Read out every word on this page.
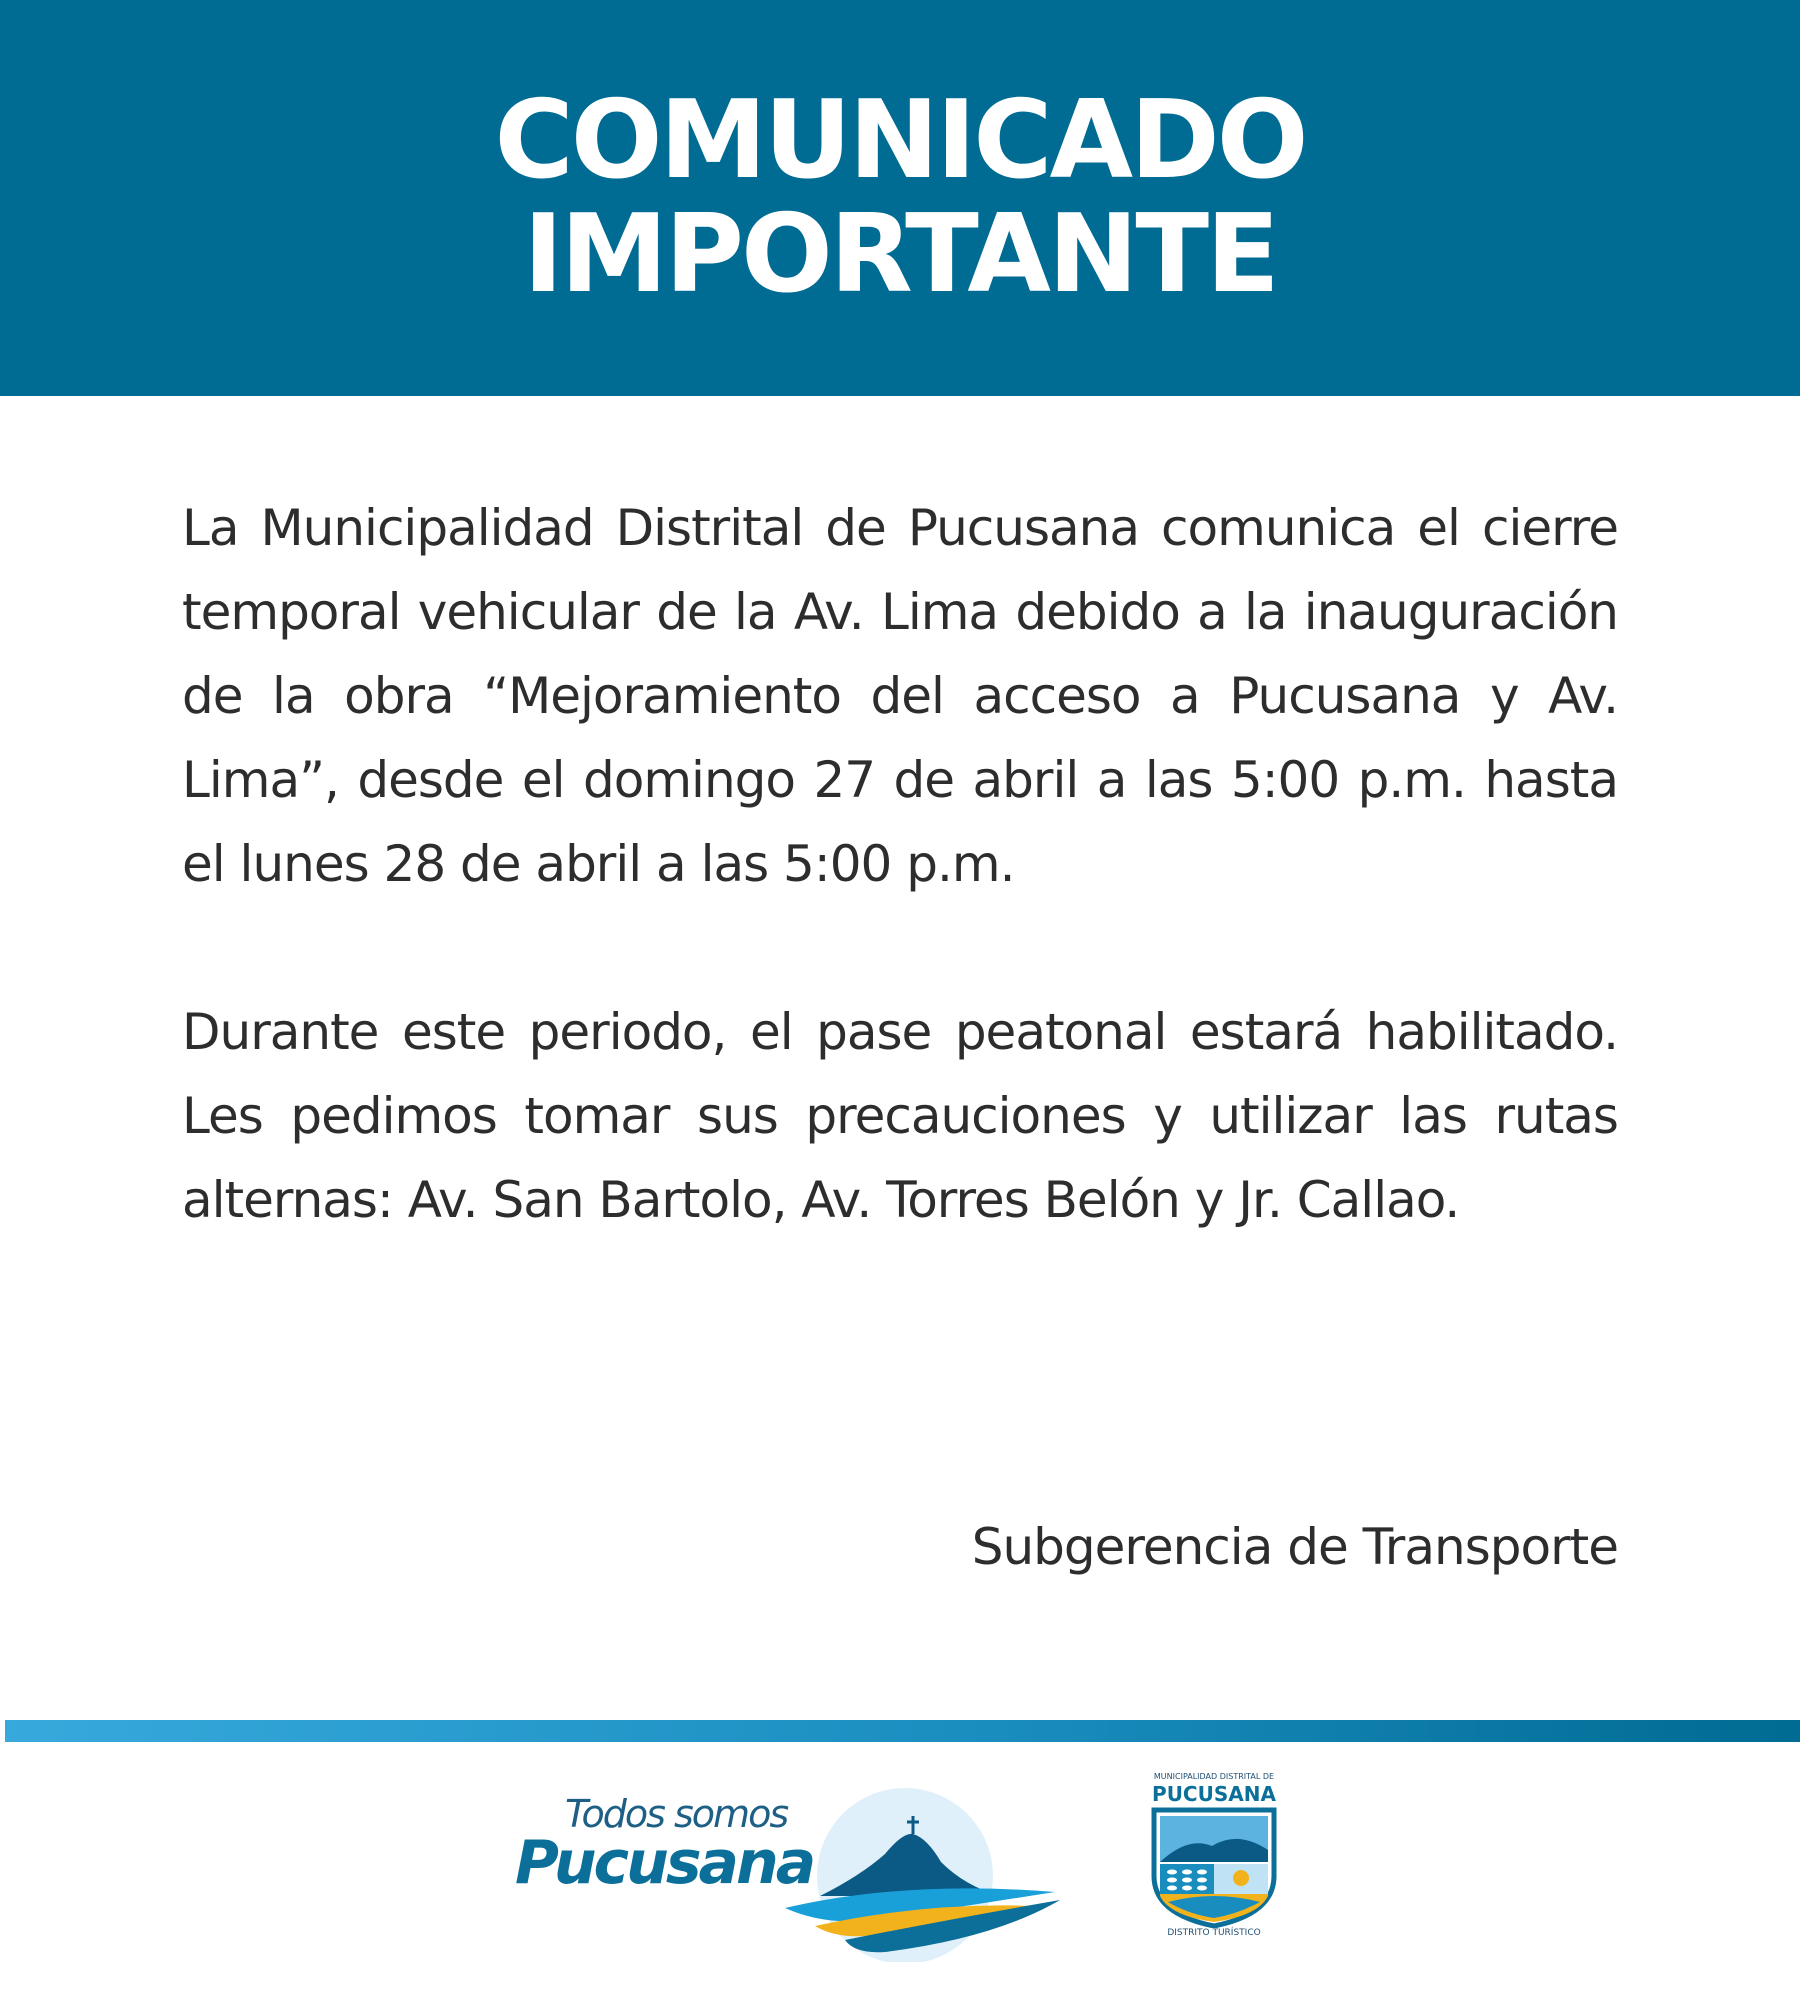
COMUNICADO
IMPORTANTE

La Municipalidad Distrital de Pucusana comunica el cierre temporal vehicular de la Av. Lima debido a la inauguración de la obra “Mejoramiento del acceso a Pucusana y Av. Lima”, desde el domingo 27 de abril a las 5:00 p.m. hasta el lunes 28 de abril a las 5:00 p.m.

Durante este periodo, el pase peatonal estará habilitado. Les pedimos tomar sus precauciones y utilizar las rutas alternas: Av. San Bartolo, Av. Torres Belón y Jr. Callao.

Subgerencia de Transporte
Todos somos
Pucusana
MUNICIPALIDAD DISTRITAL DE
PUCUSANA
DISTRITO TURÍSTICO
